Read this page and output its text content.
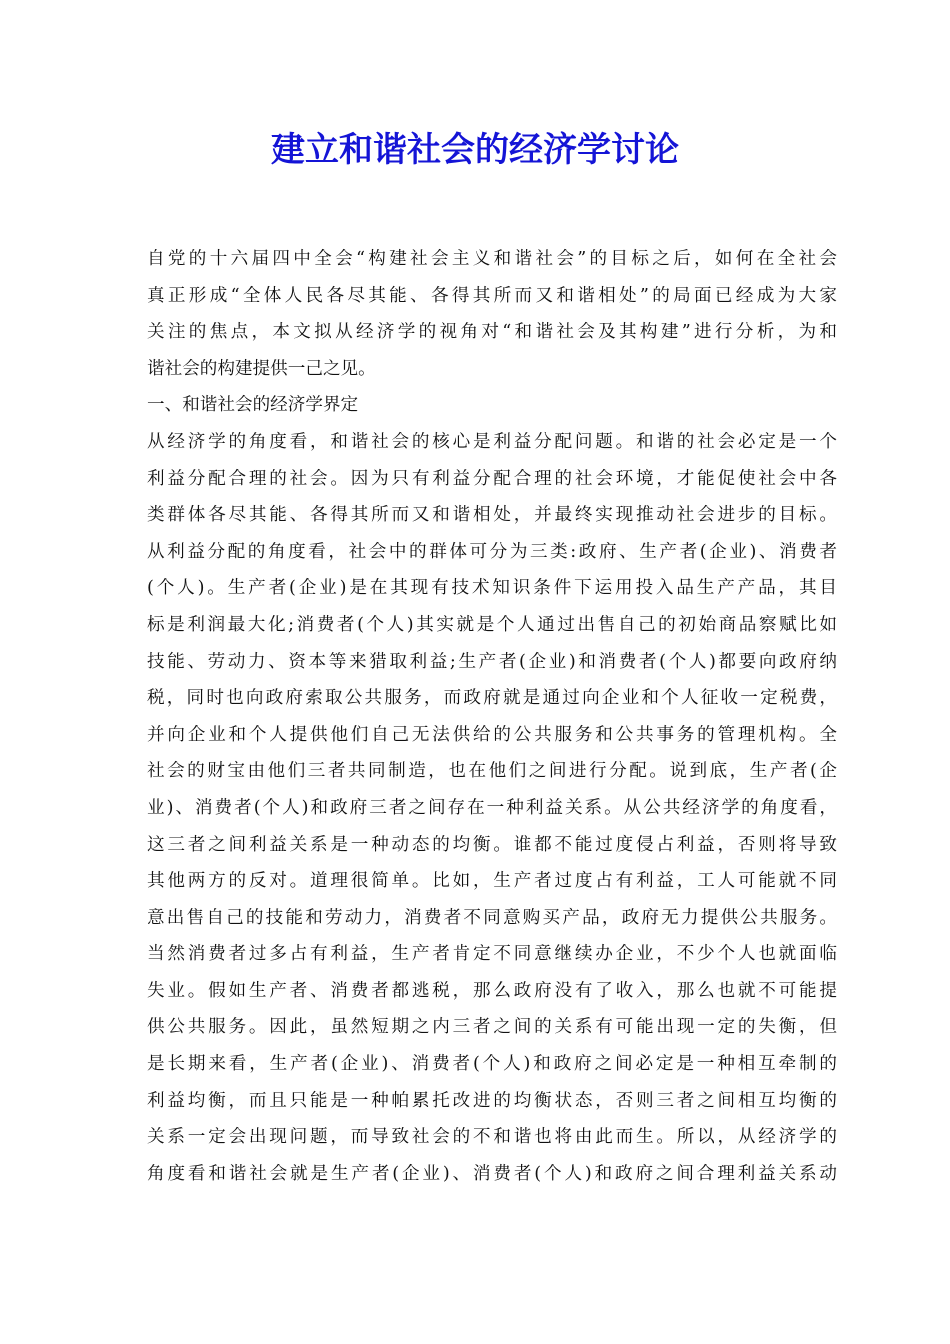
建立和谐社会的经济学讨论
自党的十六届四中全会“构建社会主义和谐社会”的目标之后，如何在全社会
真正形成“全体人民各尽其能、各得其所而又和谐相处”的局面已经成为大家
关注的焦点，本文拟从经济学的视角对“和谐社会及其构建”进行分析，为和
谐社会的构建提供一己之见。
一、和谐社会的经济学界定
从经济学的角度看，和谐社会的核心是利益分配问题。和谐的社会必定是一个
利益分配合理的社会。因为只有利益分配合理的社会环境，才能促使社会中各
类群体各尽其能、各得其所而又和谐相处，并最终实现推动社会进步的目标。
从利益分配的角度看，社会中的群体可分为三类:政府、生产者(企业)、消费者
(个人)。生产者(企业)是在其现有技术知识条件下运用投入品生产产品，其目
标是利润最大化;消费者(个人)其实就是个人通过出售自己的初始商品察赋比如
技能、劳动力、资本等来猎取利益;生产者(企业)和消费者(个人)都要向政府纳
税，同时也向政府索取公共服务，而政府就是通过向企业和个人征收一定税费，
并向企业和个人提供他们自己无法供给的公共服务和公共事务的管理机构。全
社会的财宝由他们三者共同制造，也在他们之间进行分配。说到底，生产者(企
业)、消费者(个人)和政府三者之间存在一种利益关系。从公共经济学的角度看，
这三者之间利益关系是一种动态的均衡。谁都不能过度侵占利益，否则将导致
其他两方的反对。道理很简单。比如，生产者过度占有利益，工人可能就不同
意出售自己的技能和劳动力，消费者不同意购买产品，政府无力提供公共服务。
当然消费者过多占有利益，生产者肯定不同意继续办企业，不少个人也就面临
失业。假如生产者、消费者都逃税，那么政府没有了收入，那么也就不可能提
供公共服务。因此，虽然短期之内三者之间的关系有可能出现一定的失衡，但
是长期来看，生产者(企业)、消费者(个人)和政府之间必定是一种相互牵制的
利益均衡，而且只能是一种帕累托改进的均衡状态，否则三者之间相互均衡的
关系一定会出现问题，而导致社会的不和谐也将由此而生。所以，从经济学的
角度看和谐社会就是生产者(企业)、消费者(个人)和政府之间合理利益关系动
